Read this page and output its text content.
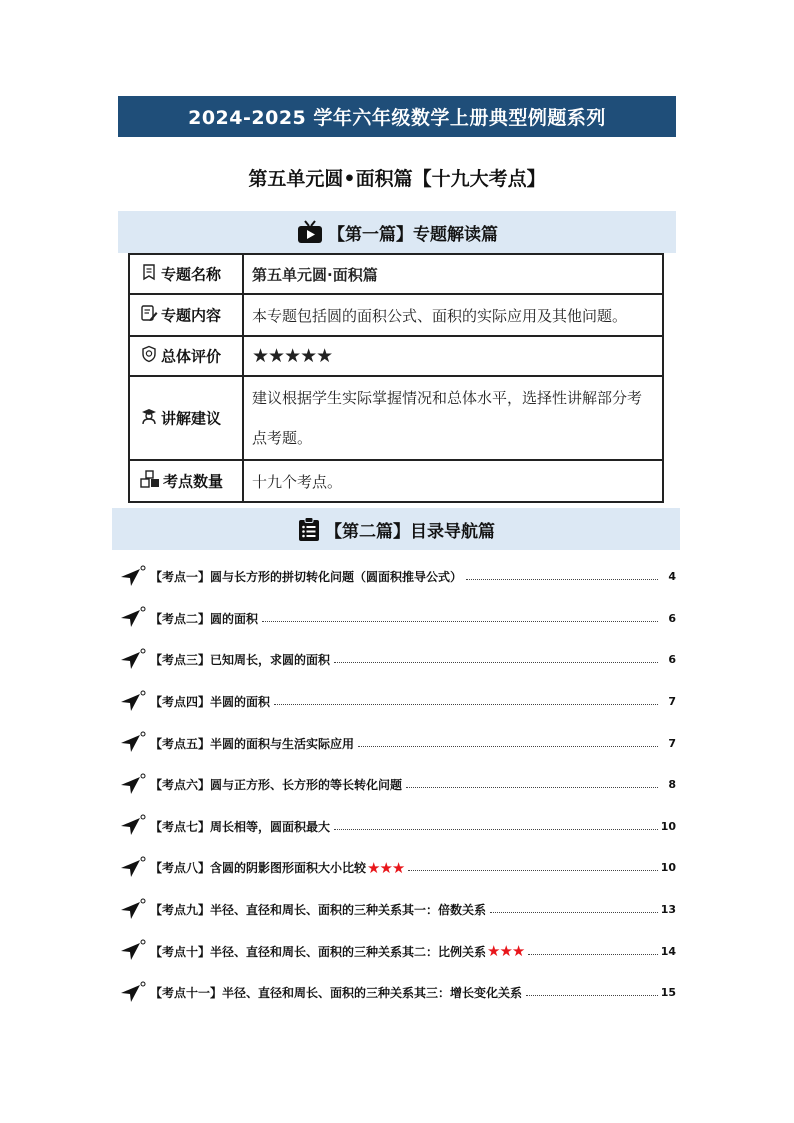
2024-2025 学年六年级数学上册典型例题系列
第五单元圆•面积篇【十九大考点】
【第一篇】专题解读篇
专题名称	第五单元圆·面积篇
专题内容	本专题包括圆的面积公式、面积的实际应用及其他问题。
总体评价	★★★★★
讲解建议	建议根据学生实际掌握情况和总体水平，选择性讲解部分考点考题。
考点数量	十九个考点。
【第二篇】目录导航篇
【考点一】圆与长方形的拼切转化问题（圆面积推导公式）	4
【考点二】圆的面积	6
【考点三】已知周长，求圆的面积	6
【考点四】半圆的面积	7
【考点五】半圆的面积与生活实际应用	7
【考点六】圆与正方形、长方形的等长转化问题	8
【考点七】周长相等，圆面积最大	10
【考点八】含圆的阴影图形面积大小比较 ★★★	10
【考点九】半径、直径和周长、面积的三种关系其一：倍数关系	13
【考点十】半径、直径和周长、面积的三种关系其二：比例关系 ★★★	14
【考点十一】半径、直径和周长、面积的三种关系其三：增长变化关系	15
